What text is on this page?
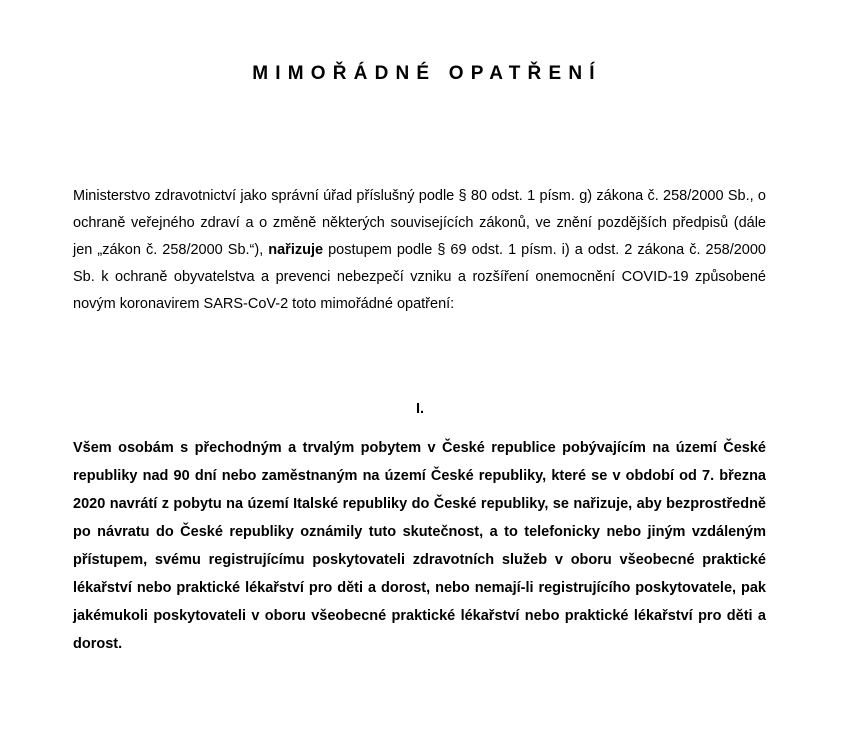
MIMOŘÁDNÉ OPATŘENÍ

Ministerstvo zdravotnictví jako správní úřad příslušný podle § 80 odst. 1 písm. g) zákona č. 258/2000 Sb., o ochraně veřejného zdraví a o změně některých souvisejících zákonů, ve znění pozdějších předpisů (dále jen „zákon č. 258/2000 Sb.“), nařizuje postupem podle § 69 odst. 1 písm. i) a odst. 2 zákona č. 258/2000 Sb. k ochraně obyvatelstva a prevenci nebezpečí vzniku a rozšíření onemocnění COVID-19 způsobené novým koronavirem SARS-CoV-2 toto mimořádné opatření:

I.

Všem osobám s přechodným a trvalým pobytem v České republice pobývajícím na území České republiky nad 90 dní nebo zaměstnaným na území České republiky, které se v období od 7. března 2020 navrátí z pobytu na území Italské republiky do České republiky, se nařizuje, aby bezprostředně po návratu do České republiky oznámily tuto skutečnost, a to telefonicky nebo jiným vzdáleným přístupem, svému registrujícímu poskytovateli zdravotních služeb v oboru všeobecné praktické lékařství nebo praktické lékařství pro děti a dorost, nebo nemají-li registrujícího poskytovatele, pak jakémukoli poskytovateli v oboru všeobecné praktické lékařství nebo praktické lékařství pro děti a dorost.
